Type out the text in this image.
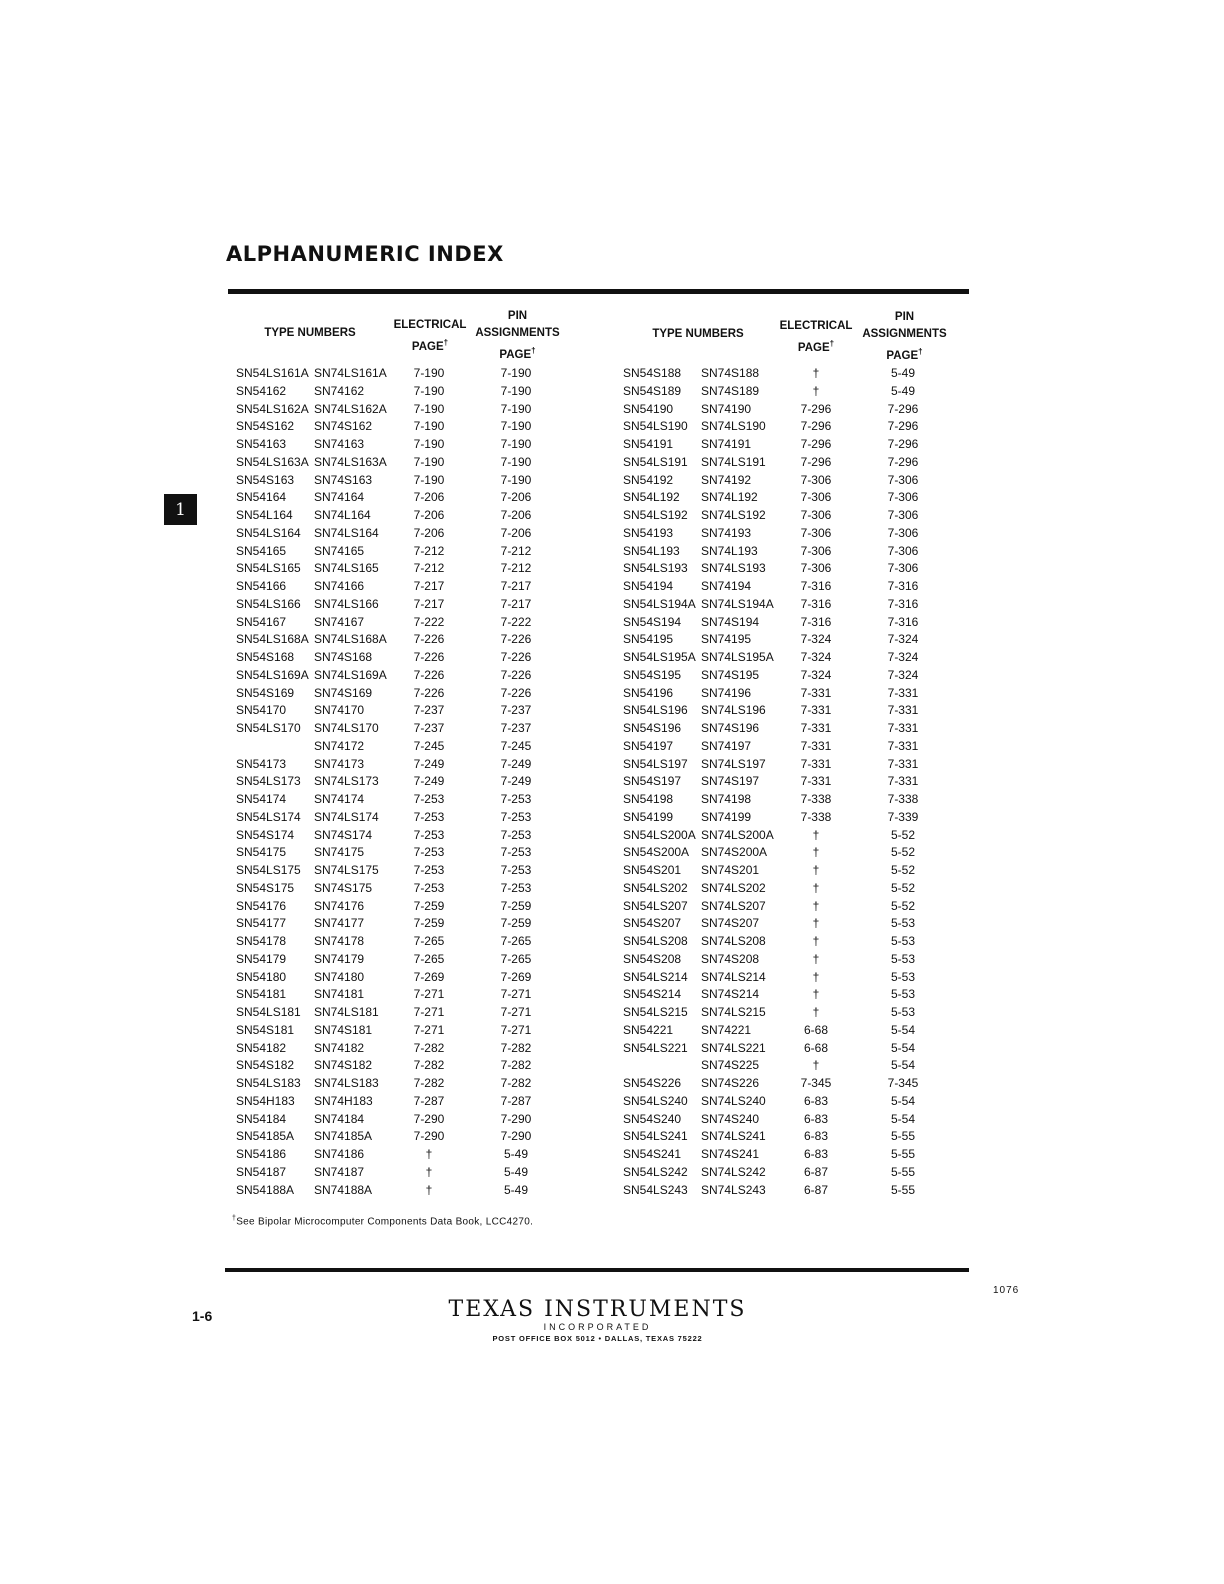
ALPHANUMERIC INDEX
1
TYPE NUMBERS
ELECTRICAL
PAGE†
PIN
ASSIGNMENTS
PAGE†
TYPE NUMBERS
ELECTRICAL
PAGE†
PIN
ASSIGNMENTS
PAGE†
SN54LS161A SN74LS161A	7-190	7-190
SN54162 SN74162	7-190	7-190
SN54LS162A SN74LS162A	7-190	7-190
SN54S162 SN74S162	7-190	7-190
SN54163 SN74163	7-190	7-190
SN54LS163A SN74LS163A	7-190	7-190
SN54S163 SN74S163	7-190	7-190
SN54164 SN74164	7-206	7-206
SN54L164 SN74L164	7-206	7-206
SN54LS164 SN74LS164	7-206	7-206
SN54165 SN74165	7-212	7-212
SN54LS165 SN74LS165	7-212	7-212
SN54166 SN74166	7-217	7-217
SN54LS166 SN74LS166	7-217	7-217
SN54167 SN74167	7-222	7-222
SN54LS168A SN74LS168A	7-226	7-226
SN54S168 SN74S168	7-226	7-226
SN54LS169A SN74LS169A	7-226	7-226
SN54S169 SN74S169	7-226	7-226
SN54170 SN74170	7-237	7-237
SN54LS170 SN74LS170	7-237	7-237
SN74172	7-245	7-245
SN54173 SN74173	7-249	7-249
SN54LS173 SN74LS173	7-249	7-249
SN54174 SN74174	7-253	7-253
SN54LS174 SN74LS174	7-253	7-253
SN54S174 SN74S174	7-253	7-253
SN54175 SN74175	7-253	7-253
SN54LS175 SN74LS175	7-253	7-253
SN54S175 SN74S175	7-253	7-253
SN54176 SN74176	7-259	7-259
SN54177 SN74177	7-259	7-259
SN54178 SN74178	7-265	7-265
SN54179 SN74179	7-265	7-265
SN54180 SN74180	7-269	7-269
SN54181 SN74181	7-271	7-271
SN54LS181 SN74LS181	7-271	7-271
SN54S181 SN74S181	7-271	7-271
SN54182 SN74182	7-282	7-282
SN54S182 SN74S182	7-282	7-282
SN54LS183 SN74LS183	7-282	7-282
SN54H183 SN74H183	7-287	7-287
SN54184 SN74184	7-290	7-290
SN54185A SN74185A	7-290	7-290
SN54186 SN74186	†	5-49
SN54187 SN74187	†	5-49
SN54188A SN74188A	†	5-49
SN54S188 SN74S188	†	5-49
SN54S189 SN74S189	†	5-49
SN54190 SN74190	7-296	7-296
SN54LS190 SN74LS190	7-296	7-296
SN54191 SN74191	7-296	7-296
SN54LS191 SN74LS191	7-296	7-296
SN54192 SN74192	7-306	7-306
SN54L192 SN74L192	7-306	7-306
SN54LS192 SN74LS192	7-306	7-306
SN54193 SN74193	7-306	7-306
SN54L193 SN74L193	7-306	7-306
SN54LS193 SN74LS193	7-306	7-306
SN54194 SN74194	7-316	7-316
SN54LS194A SN74LS194A	7-316	7-316
SN54S194 SN74S194	7-316	7-316
SN54195 SN74195	7-324	7-324
SN54LS195A SN74LS195A	7-324	7-324
SN54S195 SN74S195	7-324	7-324
SN54196 SN74196	7-331	7-331
SN54LS196 SN74LS196	7-331	7-331
SN54S196 SN74S196	7-331	7-331
SN54197 SN74197	7-331	7-331
SN54LS197 SN74LS197	7-331	7-331
SN54S197 SN74S197	7-331	7-331
SN54198 SN74198	7-338	7-338
SN54199 SN74199	7-338	7-339
SN54LS200A SN74LS200A	†	5-52
SN54S200A SN74S200A	†	5-52
SN54S201 SN74S201	†	5-52
SN54LS202 SN74LS202	†	5-52
SN54LS207 SN74LS207	†	5-52
SN54S207 SN74S207	†	5-53
SN54LS208 SN74LS208	†	5-53
SN54S208 SN74S208	†	5-53
SN54LS214 SN74LS214	†	5-53
SN54S214 SN74S214	†	5-53
SN54LS215 SN74LS215	†	5-53
SN54221 SN74221	6-68	5-54
SN54LS221 SN74LS221	6-68	5-54
SN74S225	†	5-54
SN54S226 SN74S226	7-345	7-345
SN54LS240 SN74LS240	6-83	5-54
SN54S240 SN74S240	6-83	5-54
SN54LS241 SN74LS241	6-83	5-55
SN54S241 SN74S241	6-83	5-55
SN54LS242 SN74LS242	6-87	5-55
SN54LS243 SN74LS243	6-87	5-55
†See Bipolar Microcomputer Components Data Book, LCC4270.
1-6
1076
TEXAS INSTRUMENTS
INCORPORATED
POST OFFICE BOX 5012 • DALLAS, TEXAS 75222
